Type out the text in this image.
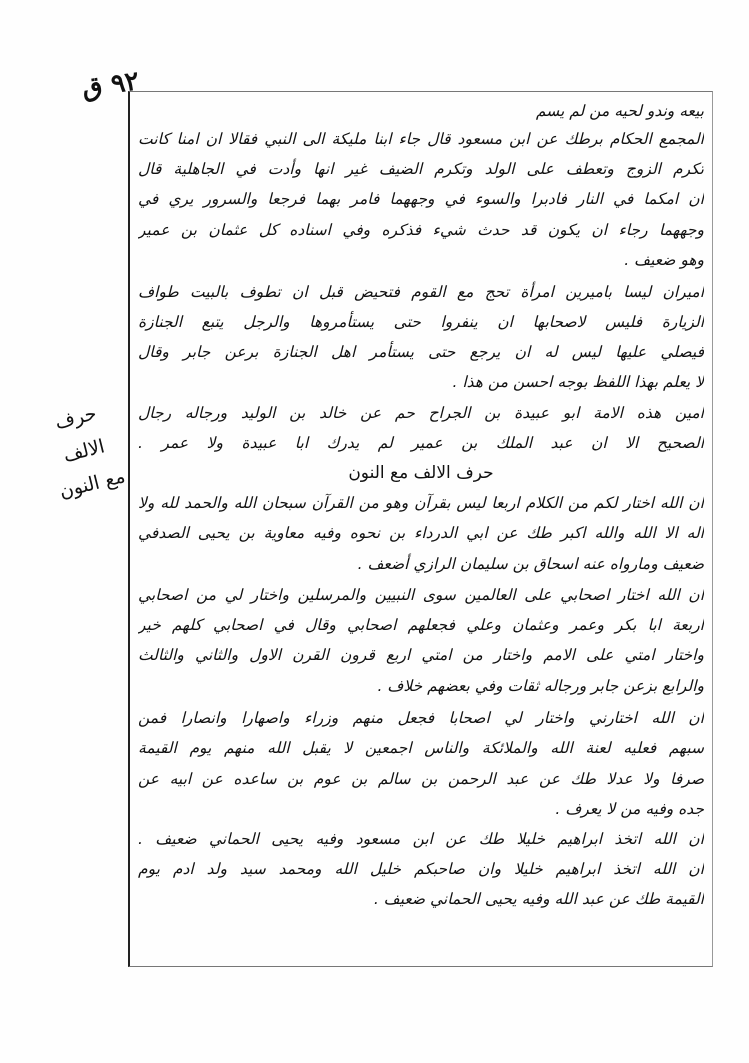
٩٢ ق
حرف الالف
مع النون
بيعه وندو لحيه من لم يسم
المجمع الحكام برطك عن ابن مسعود قال جاء ابنا مليكة الى النبي فقالا ان امنا كانت
تكرم الزوج وتعطف على الولد وتكرم الضيف غير انها وأدت في الجاهلية قال
ان امكما في النار فادبرا والسوء في وجههما فامر بهما فرجعا والسرور يري في
وجههما رجاء ان يكون قد حدث شيء فذكره وفي اسناده كل عثمان بن عمير
وهو ضعيف .
اميران ليسا باميرين امرأة تحج مع القوم فتحيض قبل ان تطوف بالبيت طواف
الزيارة فليس لاصحابها ان ينفروا حتى يستأمروها والرجل يتبع الجنازة
فيصلي عليها ليس له ان يرجع حتى يستأمر اهل الجنازة برعن جابر وقال
لا يعلم بهذا اللفظ بوجه احسن من هذا .
امين هذه الامة ابو عبيدة بن الجراح حم عن خالد بن الوليد ورجاله رجال
الصحيح الا ان عبد الملك بن عمير لم يدرك ابا عبيدة ولا عمر .
حرف الالف مع النون
ان الله اختار لكم من الكلام اربعا ليس بقرآن وهو من القرآن سبحان الله والحمد لله ولا
اله الا الله والله اكبر طك عن ابي الدرداء بن نحوه وفيه معاوية بن يحيى الصدفي
ضعيف ومارواه عنه اسحاق بن سليمان الرازي أضعف .
ان الله اختار اصحابي على العالمين سوى النبيين والمرسلين واختار لي من اصحابي
اربعة ابا بكر وعمر وعثمان وعلي فجعلهم اصحابي وقال في اصحابي كلهم خير
واختار امتي على الامم واختار من امتي اربع قرون القرن الاول والثاني والثالث
والرابع بزعن جابر ورجاله ثقات وفي بعضهم خلاف .
ان الله اختارني واختار لي اصحابا فجعل منهم وزراء واصهارا وانصارا فمن
سبهم فعليه لعنة الله والملائكة والناس اجمعين لا يقبل الله منهم يوم القيمة
صرفا ولا عدلا طك عن عبد الرحمن بن سالم بن عوم بن ساعده عن ابيه عن
جده وفيه من لا يعرف .
ان الله اتخذ ابراهيم خليلا طك عن ابن مسعود وفيه يحيى الحماني ضعيف .
ان الله اتخذ ابراهيم خليلا وان صاحبكم خليل الله ومحمد سيد ولد ادم يوم
القيمة طك عن عبد الله وفيه يحيى الحماني ضعيف .
